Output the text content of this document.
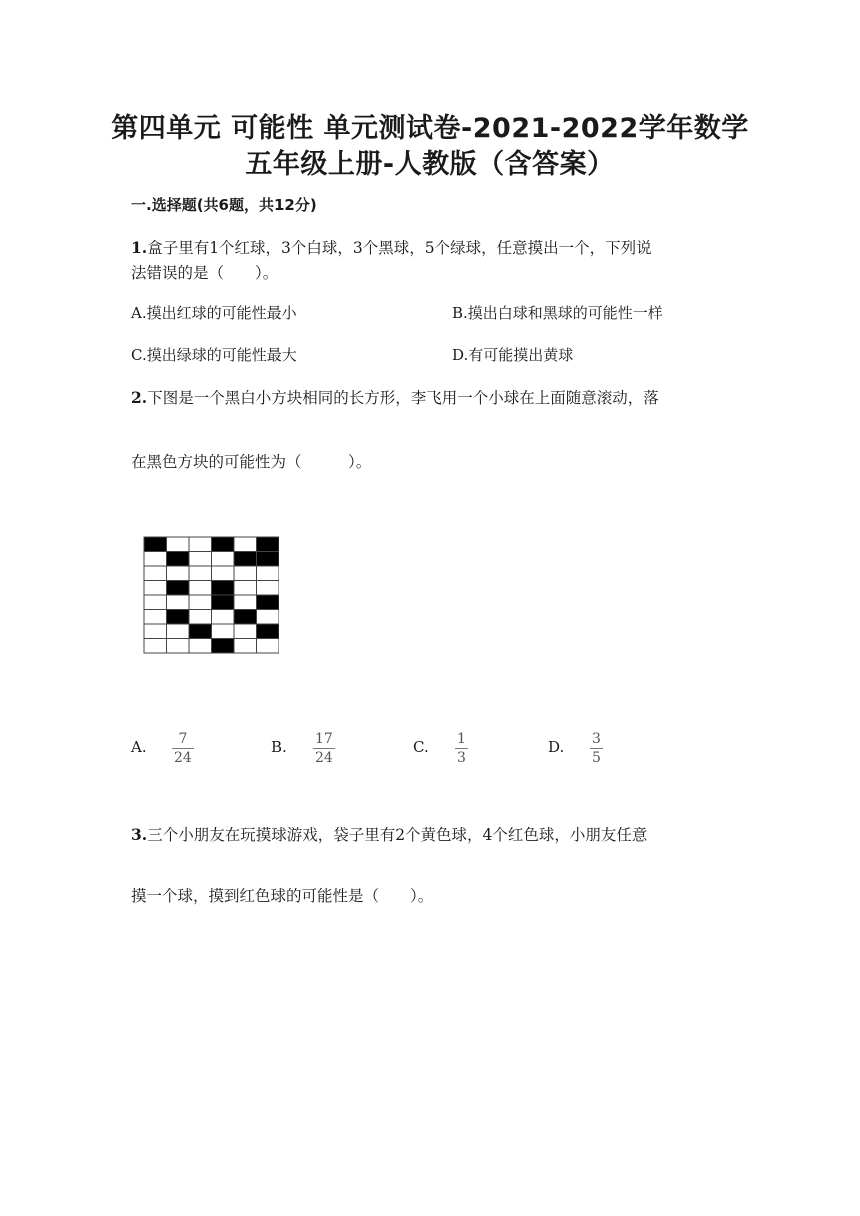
第四单元 可能性 单元测试卷-2021-2022学年数学
五年级上册-人教版（含答案）
一.选择题(共6题，共12分)
1.盒子里有1个红球，3个白球，3个黑球，5个绿球，任意摸出一个，下列说
法错误的是（　　）。
A.摸出红球的可能性最小	B.摸出白球和黑球的可能性一样
C.摸出绿球的可能性最大	D.有可能摸出黄球
2.下图是一个黑白小方块相同的长方形，李飞用一个小球在上面随意滚动，落
在黑色方块的可能性为（　　　）。
A. 7
24
B. 17
24
C. 1
3
D. 3
5
3.三个小朋友在玩摸球游戏，袋子里有2个黄色球，4个红色球，小朋友任意
摸一个球，摸到红色球的可能性是（　　）。
